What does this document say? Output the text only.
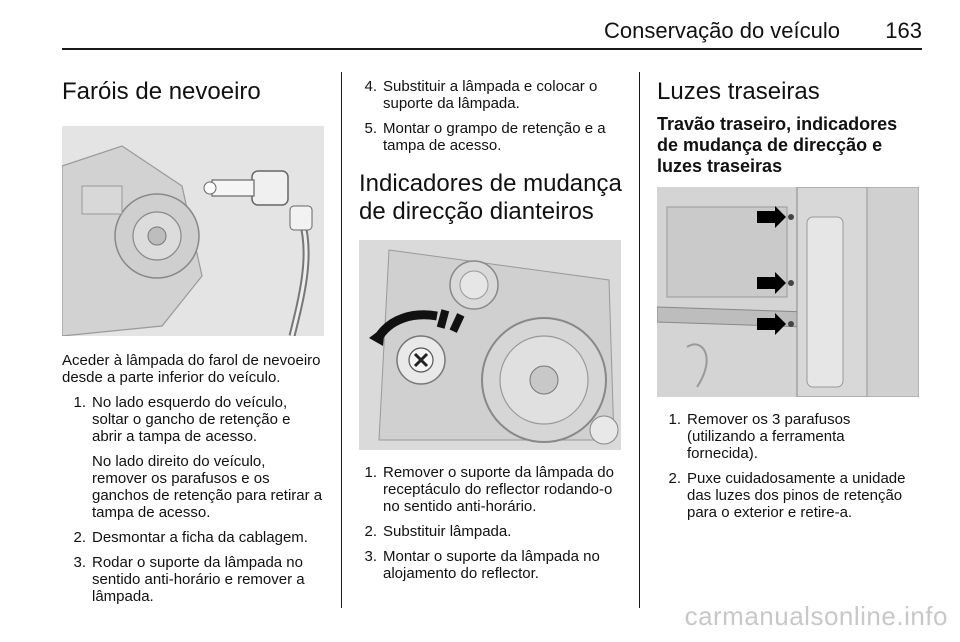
Conservação do veículo 163
Faróis de nevoeiro

Aceder à lâmpada do farol de nevoeiro desde a parte inferior do veículo.

1. No lado esquerdo do veículo, soltar o gancho de retenção e abrir a tampa de acesso.
No lado direito do veículo, remover os parafusos e os ganchos de retenção para retirar a tampa de acesso.
2. Desmontar a ficha da cablagem.
3. Rodar o suporte da lâmpada no sentido anti-horário e remover a lâmpada.
4. Substituir a lâmpada e colocar o suporte da lâmpada.
5. Montar o grampo de retenção e a tampa de acesso.
Indicadores de mudança de direcção dianteiros
1. Remover o suporte da lâmpada do receptáculo do reflector rodando-o no sentido anti-horário.
2. Substituir lâmpada.
3. Montar o suporte da lâmpada no alojamento do reflector.
Luzes traseiras
Travão traseiro, indicadores de mudança de direcção e luzes traseiras
1. Remover os 3 parafusos (utilizando a ferramenta fornecida).
2. Puxe cuidadosamente a unidade das luzes dos pinos de retenção para o exterior e retire-a.
carmanualsonline.info
